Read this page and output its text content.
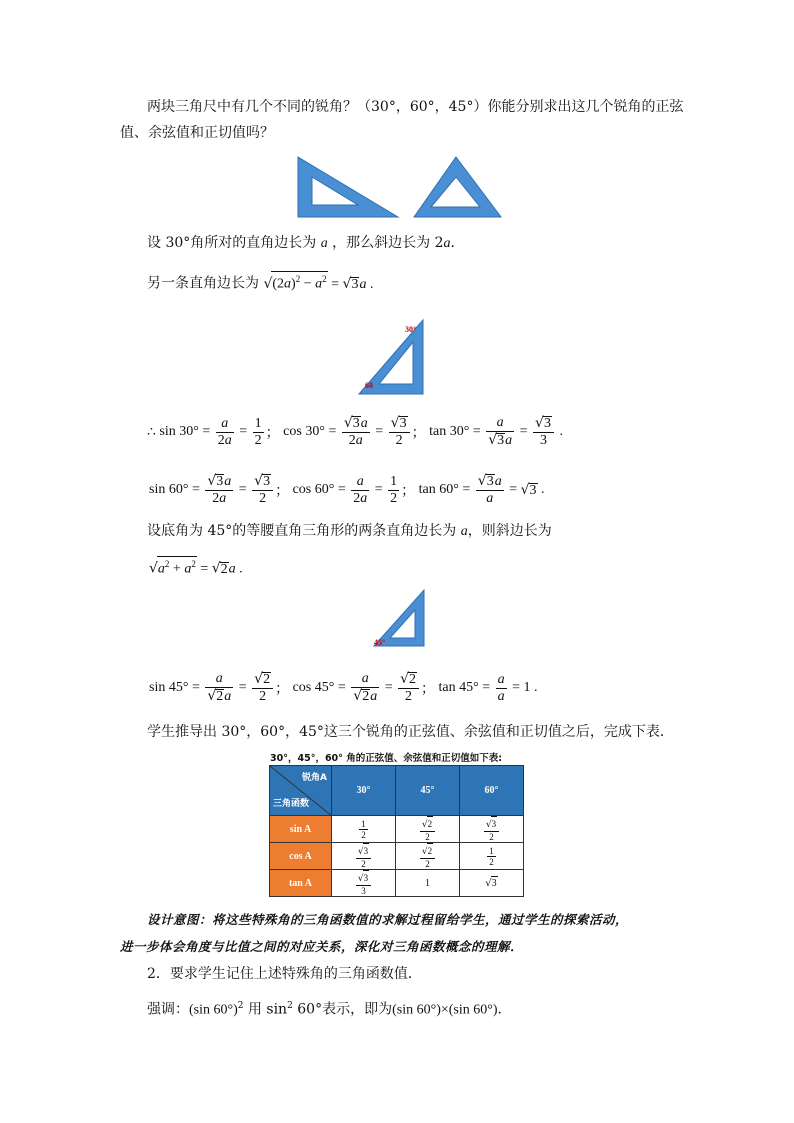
两块三角尺中有几个不同的锐角？（30°，60°，45°）你能分别求出这几个锐角的正弦
值、余弦值和正切值吗？
设 30°角所对的直角边长为 a ，那么斜边长为 2a．
另一条直角边长为 $√(2a)^2 - a^2 = √3a$ .
30°
60
∴
$\sin 30^\circ = \frac{a}{2a} = \frac{1}{2}$ ； $\cos 30^\circ = \frac{√3a}{2a} = \frac{√3}{2}$ ； $\tan 30^\circ = \frac{a}{√3a} = \frac{√3}{3}$ .
$\sin 60^\circ = \frac{√3a}{2a} = \frac{√3}{2}$ ； $\cos 60^\circ = \frac{a}{2a} = \frac{1}{2}$ ； $\tan 60^\circ = \frac{√3a}{a}$ = √ 3 .
设底角为 45°的等腰直角三角形的两条直角边长为 a，则斜边长为
$√a^2 + a^2 = √2a$ .
45°
$\sin 45^\circ = \frac{a}{√2a} = \frac{√2}{2}$ ； $\cos 45^\circ = \frac{a}{√2a} = \frac{√2}{2}$ ； $\tan 45^\circ = \frac{a}{a} = 1$ .
学生推导出 30°，60°，45°这三个锐角的正弦值、余弦值和正切值之后，完成下表．
30°，45°，60° 角的正弦值、余弦值和正切值如下表:
锐角A
三角函数	30°	45°	60°
sin A	$\frac{1}{2}$	$\frac{√2}{2}$	$\frac{√3}{2}$

cos A	$\frac{√3}{2}$	$\frac{√2}{2}$	$\frac{1}{2}$

tan A	$\frac{√3}{3}$	1	√3
设计意图：将这些特殊角的三角函数值的求解过程留给学生，通过学生的探索活动，
进一步体会角度与比值之间的对应关系，深化对三角函数概念的理解．
2．要求学生记住上述特殊角的三角函数值．
强调：(sin 60°)$^2$ 用 $\sin^2 60^\circ$表示，即为(sin 60°)×(sin 60°)．
